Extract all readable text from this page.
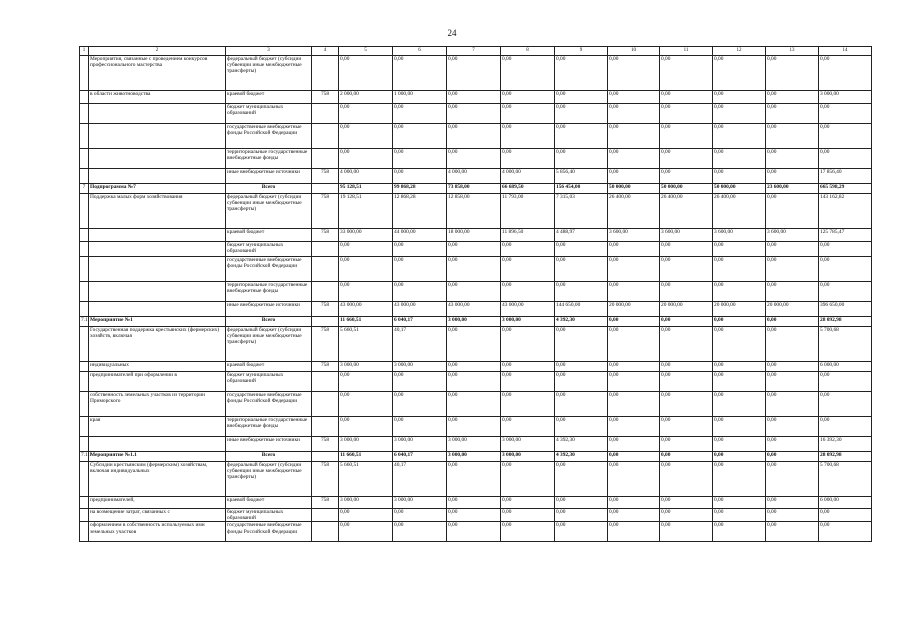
24
1	2	3	4	5	6	7	8	9	10	11	12	13	14
	Мероприятия, связанные с проведением конкурсов профессионального мастерства	федеральный бюджет (субсидии субвенции иные межбюджетные трансферты)		0,00	0,00	0,00	0,00	0,00	0,00	0,00	0,00	0,00	0,00
	в области животноводства	краевой бюджет	758	2 000,00	1 000,00	0,00	0,00	0,00	0,00	0,00	0,00	0,00	3 000,00
		бюджет муниципальных образований		0,00	0,00	0,00	0,00	0,00	0,00	0,00	0,00	0,00	0,00
		государственные внебюджетные фонды Российской Федерации		0,00	0,00	0,00	0,00	0,00	0,00	0,00	0,00	0,00	0,00
		территориальные государственные внебюджетные фонды		0,00	0,00	0,00	0,00	0,00	0,00	0,00	0,00	0,00	0,00
		иные внебюджетные источники	758	4 000,00	0,00	4 000,00	4 000,00	5 856,40	0,00	0,00	0,00	0,00	17 856,40
7	Подпрограмма №7	Всего		95 128,51	99 868,28	73 858,00	66 689,50	156 454,00	50 000,00	50 000,00	50 000,00	23 600,00	665 598,29
	Поддержка малых форм хозяйствования	федеральный бюджет (субсидии субвенции иные межбюджетные трансферты)	758	19 128,51	12 868,28	12 858,00	11 793,00	7 315,03	26 400,00	26 400,00	26 400,00	0,00	143 162,82
		краевой бюджет	758	33 000,00	44 000,00	18 000,00	11 896,50	4 488,97	3 600,00	3 600,00	3 600,00	3 600,00	125 785,47
		бюджет муниципальных образований		0,00	0,00	0,00	0,00	0,00	0,00	0,00	0,00	0,00	0,00
		государственные внебюджетные фонды Российской Федерации		0,00	0,00	0,00	0,00	0,00	0,00	0,00	0,00	0,00	0,00
		территориальные государственные внебюджетные фонды		0,00	0,00	0,00	0,00	0,00	0,00	0,00	0,00	0,00	0,00
		иные внебюджетные источники	758	43 000,00	43 000,00	43 000,00	43 000,00	144 650,00	20 000,00	20 000,00	20 000,00	20 000,00	396 650,00
7.1	Мероприятие №1	Всего		11 660,51	6 040,17	3 000,00	3 000,00	4 392,30	0,00	0,00	0,00	0,00	28 092,98
	Государственная поддержка крестьянских (фермерских) хозяйств, включая	федеральный бюджет (субсидии субвенции иные межбюджетные трансферты)	758	5 660,51	40,17	0,00	0,00	0,00	0,00	0,00	0,00	0,00	5 700,68
	индивидуальных	краевой бюджет	758	3 000,00	3 000,00	0,00	0,00	0,00	0,00	0,00	0,00	0,00	6 000,00
	предпринимателей при оформлении в	бюджет муниципальных образований		0,00	0,00	0,00	0,00	0,00	0,00	0,00	0,00	0,00	0,00
	собственность земельных участков из территории Приморского	государственные внебюджетные фонды Российской Федерации		0,00	0,00	0,00	0,00	0,00	0,00	0,00	0,00	0,00	0,00
	края	территориальные государственные внебюджетные фонды		0,00	0,00	0,00	0,00	0,00	0,00	0,00	0,00	0,00	0,00
		иные внебюджетные источники	758	3 000,00	3 000,00	3 000,00	3 000,00	4 392,30	0,00	0,00	0,00	0,00	16 392,30
7.1.1	Мероприятие №1.1	Всего		11 660,51	6 040,17	3 000,00	3 000,00	4 392,30	0,00	0,00	0,00	0,00	28 092,98
	Субсидии крестьянским (фермерским) хозяйствам, включая индивидуальных	федеральный бюджет (субсидии субвенции иные межбюджетные трансферты)	758	5 660,51	40,17	0,00	0,00	0,00	0,00	0,00	0,00	0,00	5 700,68
	предпринимателей,	краевой бюджет	758	3 000,00	3 000,00	0,00	0,00	0,00	0,00	0,00	0,00	0,00	6 000,00
	на возмещение затрат, связанных с	бюджет муниципальных образований		0,00	0,00	0,00	0,00	0,00	0,00	0,00	0,00	0,00	0,00
	оформлением в собственность используемых ими земельных участков	государственные внебюджетные фонды Российской Федерации		0,00	0,00	0,00	0,00	0,00	0,00	0,00	0,00	0,00	0,00
